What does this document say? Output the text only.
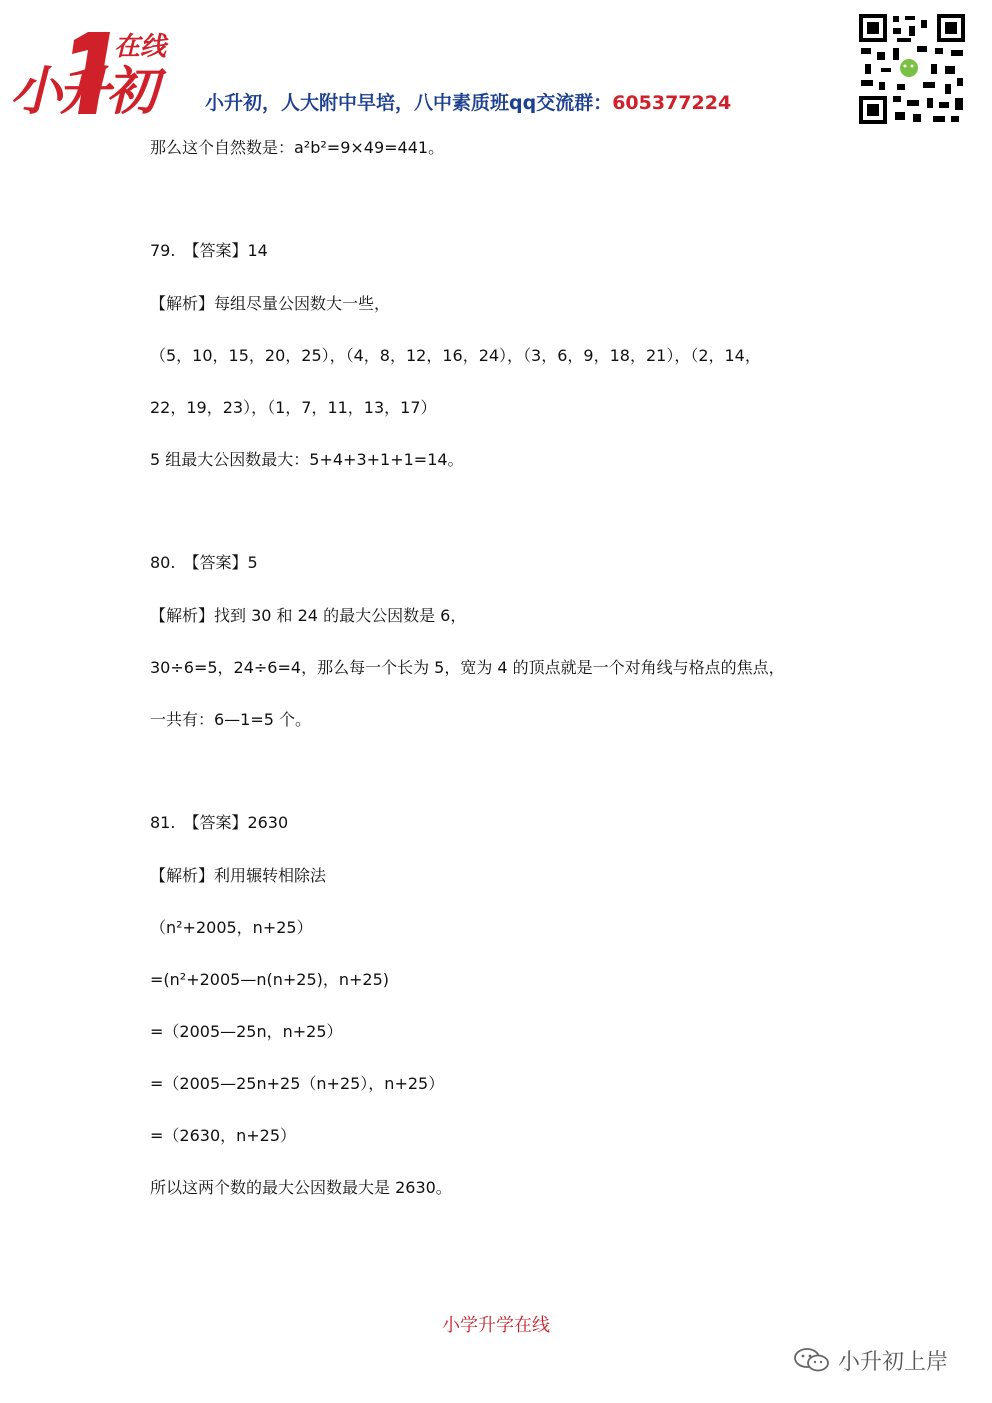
在线
小升初	小升初，人大附中早培，八中素质班qq交流群：605377224
那么这个自然数是：a²b²=9×49=441。
79.　【答案】14
【解析】每组尽量公因数大一些，
（5，10，15，20，25），（4，8，12，16，24），（3，6，9，18，21），（2，14，
22，19，23），（1，7，11，13，17）
5 组最大公因数最大：5+4+3+1+1=14。
80.　【答案】5
【解析】找到 30 和 24 的最大公因数是 6，
30÷6=5，24÷6=4，那么每一个长为 5，宽为 4 的顶点就是一个对角线与格点的焦点，
一共有：6—1=5 个。
81.　【答案】2630
【解析】利用辗转相除法
（n²+2005，n+25）
=(n²+2005—n(n+25)，n+25)
=（2005—25n，n+25）
=（2005—25n+25（n+25），n+25）
=（2630，n+25）
所以这两个数的最大公因数最大是 2630。
小学升学在线
小升初上岸
